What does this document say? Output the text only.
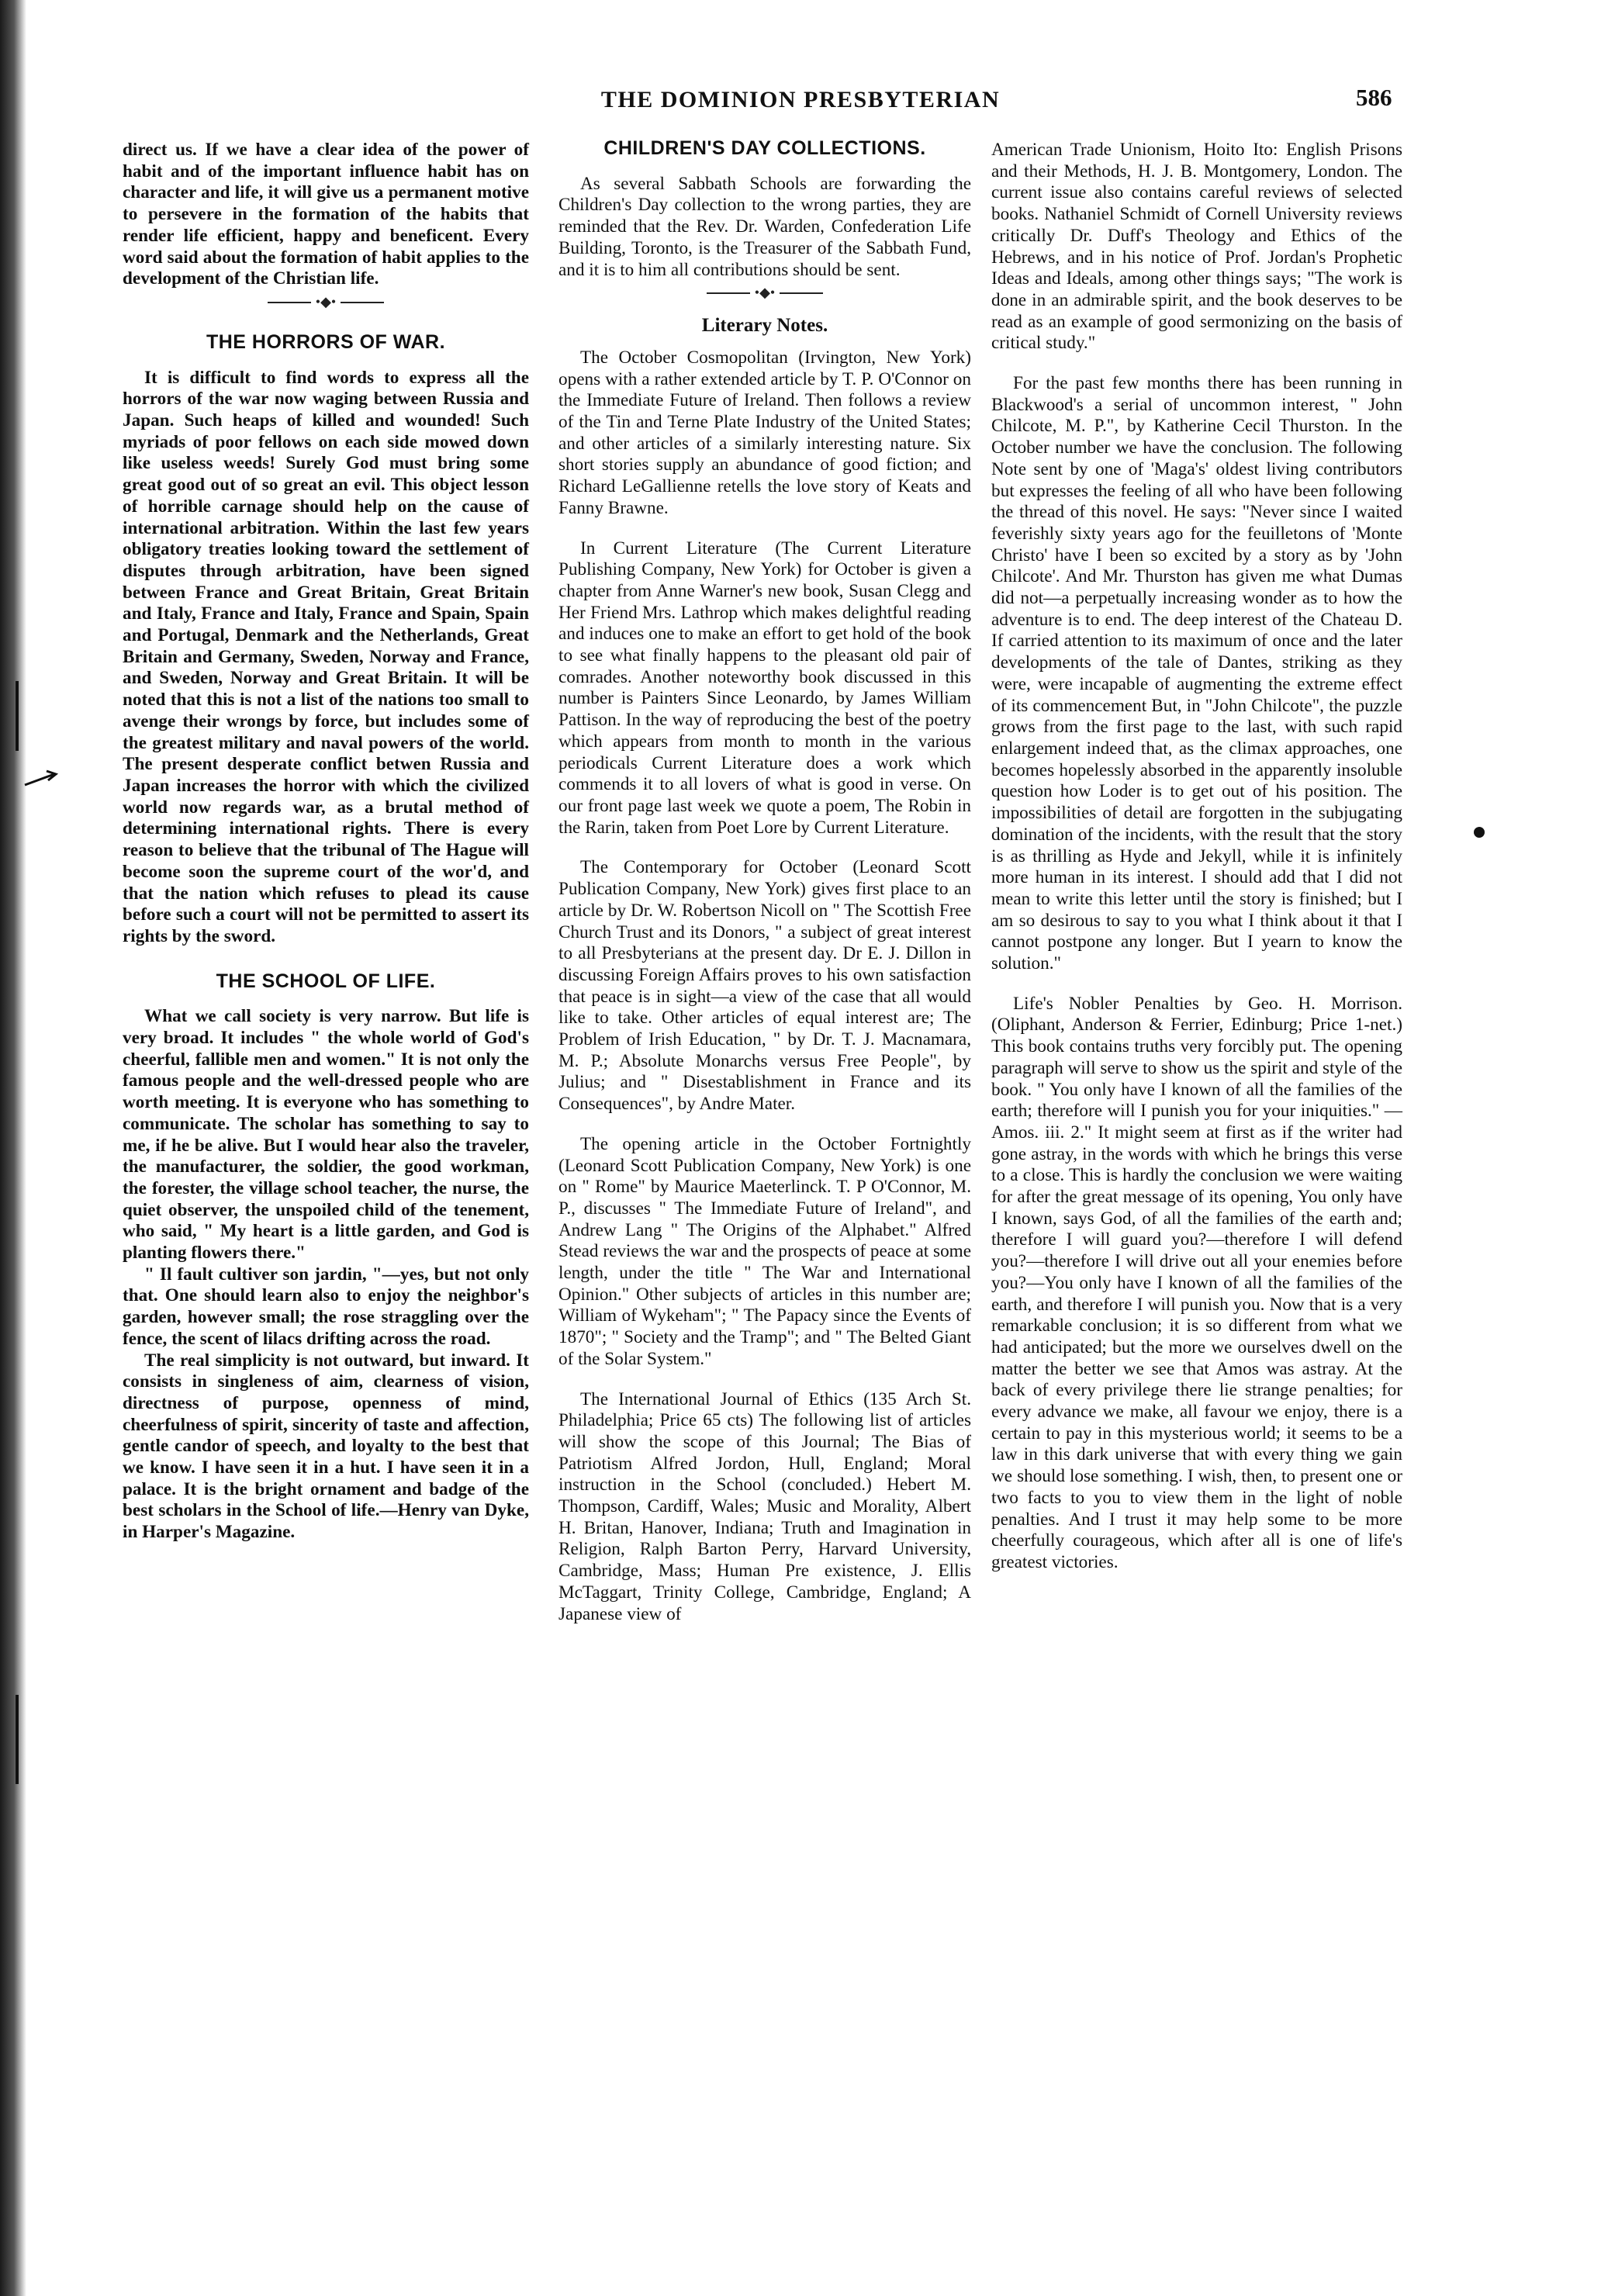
THE DOMINION PRESBYTERIAN	586

direct us. If we have a clear idea of the power of habit and of the important influence habit has on character and life, it will give us a permanent motive to persevere in the formation of the habits that render life efficient, happy and beneficent. Every word said about the formation of habit applies to the development of the Christian life.

•◆•
THE HORRORS OF WAR.

It is difficult to find words to express all the horrors of the war now waging between Russia and Japan. Such heaps of killed and wounded! Such myriads of poor fellows on each side mowed down like useless weeds! Surely God must bring some great good out of so great an evil. This object lesson of horrible carnage should help on the cause of international arbitration. Within the last few years obligatory treaties looking toward the settlement of disputes through arbitration, have been signed between France and Great Britain, Great Britain and Italy, France and Italy, France and Spain, Spain and Portugal, Denmark and the Netherlands, Great Britain and Germany, Sweden, Norway and France, and Sweden, Norway and Great Britain. It will be noted that this is not a list of the nations too small to avenge their wrongs by force, but includes some of the greatest military and naval powers of the world. The present desperate conflict betwen Russia and Japan increases the horror with which the civilized world now regards war, as a brutal method of determining international rights. There is every reason to believe that the tribunal of The Hague will become soon the supreme court of the wor'd, and that the nation which refuses to plead its cause before such a court will not be permitted to assert its rights by the sword.

THE SCHOOL OF LIFE.

What we call society is very narrow. But life is very broad. It includes " the whole world of God's cheerful, fallible men and women." It is not only the famous people and the well-dressed people who are worth meeting. It is everyone who has something to communicate. The scholar has something to say to me, if he be alive. But I would hear also the traveler, the manufacturer, the soldier, the good workman, the forester, the village school teacher, the nurse, the quiet observer, the unspoiled child of the tenement, who said, " My heart is a little garden, and God is planting flowers there."

" Il fault cultiver son jardin, "—yes, but not only that. One should learn also to enjoy the neighbor's garden, however small; the rose straggling over the fence, the scent of lilacs drifting across the road.

The real simplicity is not outward, but inward. It consists in singleness of aim, clearness of vision, directness of purpose, openness of mind, cheerfulness of spirit, sincerity of taste and affection, gentle candor of speech, and loyalty to the best that we know. I have seen it in a hut. I have seen it in a palace. It is the bright ornament and badge of the best scholars in the School of life.—Henry van Dyke, in Harper's Magazine.

CHILDREN'S DAY COLLECTIONS.

As several Sabbath Schools are forwarding the Children's Day collection to the wrong parties, they are reminded that the Rev. Dr. Warden, Confederation Life Building, Toronto, is the Treasurer of the Sabbath Fund, and it is to him all contributions should be sent.

•◆•
Literary Notes.

The October Cosmopolitan (Irvington, New York) opens with a rather extended article by T. P. O'Connor on the Immediate Future of Ireland. Then follows a review of the Tin and Terne Plate Industry of the United States; and other articles of a similarly interesting nature. Six short stories supply an abundance of good fiction; and Richard LeGallienne retells the love story of Keats and Fanny Brawne.

In Current Literature (The Current Literature Publishing Company, New York) for October is given a chapter from Anne Warner's new book, Susan Clegg and Her Friend Mrs. Lathrop which makes delightful reading and induces one to make an effort to get hold of the book to see what finally happens to the pleasant old pair of comrades. Another noteworthy book discussed in this number is Painters Since Leonardo, by James William Pattison. In the way of reproducing the best of the poetry which appears from month to month in the various periodicals Current Literature does a work which commends it to all lovers of what is good in verse. On our front page last week we quote a poem, The Robin in the Rarin, taken from Poet Lore by Current Literature.

The Contemporary for October (Leonard Scott Publication Company, New York) gives first place to an article by Dr. W. Robertson Nicoll on " The Scottish Free Church Trust and its Donors, " a subject of great interest to all Presbyterians at the present day. Dr E. J. Dillon in discussing Foreign Affairs proves to his own satisfaction that peace is in sight—a view of the case that all would like to take. Other articles of equal interest are; The Problem of Irish Education, " by Dr. T. J. Macnamara, M. P.; Absolute Monarchs versus Free People", by Julius; and " Disestablishment in France and its Consequences", by Andre Mater.

The opening article in the October Fortnightly (Leonard Scott Publication Company, New York) is one on " Rome" by Maurice Maeterlinck. T. P O'Connor, M. P., discusses " The Immediate Future of Ireland", and Andrew Lang " The Origins of the Alphabet." Alfred Stead reviews the war and the prospects of peace at some length, under the title " The War and International Opinion." Other subjects of articles in this number are; William of Wykeham"; " The Papacy since the Events of 1870"; " Society and the Tramp"; and " The Belted Giant of the Solar System."

The International Journal of Ethics (135 Arch St. Philadelphia; Price 65 cts) The following list of articles will show the scope of this Journal; The Bias of Patriotism Alfred Jordon, Hull, England; Moral instruction in the School (concluded.) Hebert M. Thompson, Cardiff, Wales; Music and Morality, Albert H. Britan, Hanover, Indiana; Truth and Imagination in Religion, Ralph Barton Perry, Harvard University, Cambridge, Mass; Human Pre existence, J. Ellis McTaggart, Trinity College, Cambridge, England; A Japanese view of

American Trade Unionism, Hoito Ito: English Prisons and their Methods, H. J. B. Montgomery, London. The current issue also contains careful reviews of selected books. Nathaniel Schmidt of Cornell University reviews critically Dr. Duff's Theology and Ethics of the Hebrews, and in his notice of Prof. Jordan's Prophetic Ideas and Ideals, among other things says; "The work is done in an admirable spirit, and the book deserves to be read as an example of good sermonizing on the basis of critical study."

For the past few months there has been running in Blackwood's a serial of uncommon interest, " John Chilcote, M. P.", by Katherine Cecil Thurston. In the October number we have the conclusion. The following Note sent by one of 'Maga's' oldest living contributors but expresses the feeling of all who have been following the thread of this novel. He says: "Never since I waited feverishly sixty years ago for the feuilletons of 'Monte Christo' have I been so excited by a story as by 'John Chilcote'. And Mr. Thurston has given me what Dumas did not—a perpetually increasing wonder as to how the adventure is to end. The deep interest of the Chateau D. If carried attention to its maximum of once and the later developments of the tale of Dantes, striking as they were, were incapable of augmenting the extreme effect of its commencement But, in "John Chilcote", the puzzle grows from the first page to the last, with such rapid enlargement indeed that, as the climax approaches, one becomes hopelessly absorbed in the apparently insoluble question how Loder is to get out of his position. The impossibilities of detail are forgotten in the subjugating domination of the incidents, with the result that the story is as thrilling as Hyde and Jekyll, while it is infinitely more human in its interest. I should add that I did not mean to write this letter until the story is finished; but I am so desirous to say to you what I think about it that I cannot postpone any longer. But I yearn to know the solution."

Life's Nobler Penalties by Geo. H. Morrison. (Oliphant, Anderson & Ferrier, Edinburg; Price 1-net.) This book contains truths very forcibly put. The opening paragraph will serve to show us the spirit and style of the book. " You only have I known of all the families of the earth; therefore will I punish you for your iniquities." —Amos. iii. 2." It might seem at first as if the writer had gone astray, in the words with which he brings this verse to a close. This is hardly the conclusion we were waiting for after the great message of its opening, You only have I known, says God, of all the families of the earth and; therefore I will guard you?—therefore I will defend you?—therefore I will drive out all your enemies before you?—You only have I known of all the families of the earth, and therefore I will punish you. Now that is a very remarkable conclusion; it is so different from what we had anticipated; but the more we ourselves dwell on the matter the better we see that Amos was astray. At the back of every privilege there lie strange penalties; for every advance we make, all favour we enjoy, there is a certain to pay in this mysterious world; it seems to be a law in this dark universe that with every thing we gain we should lose something. I wish, then, to present one or two facts to you to view them in the light of noble penalties. And I trust it may help some to be more cheerfully courageous, which after all is one of life's greatest victories.
